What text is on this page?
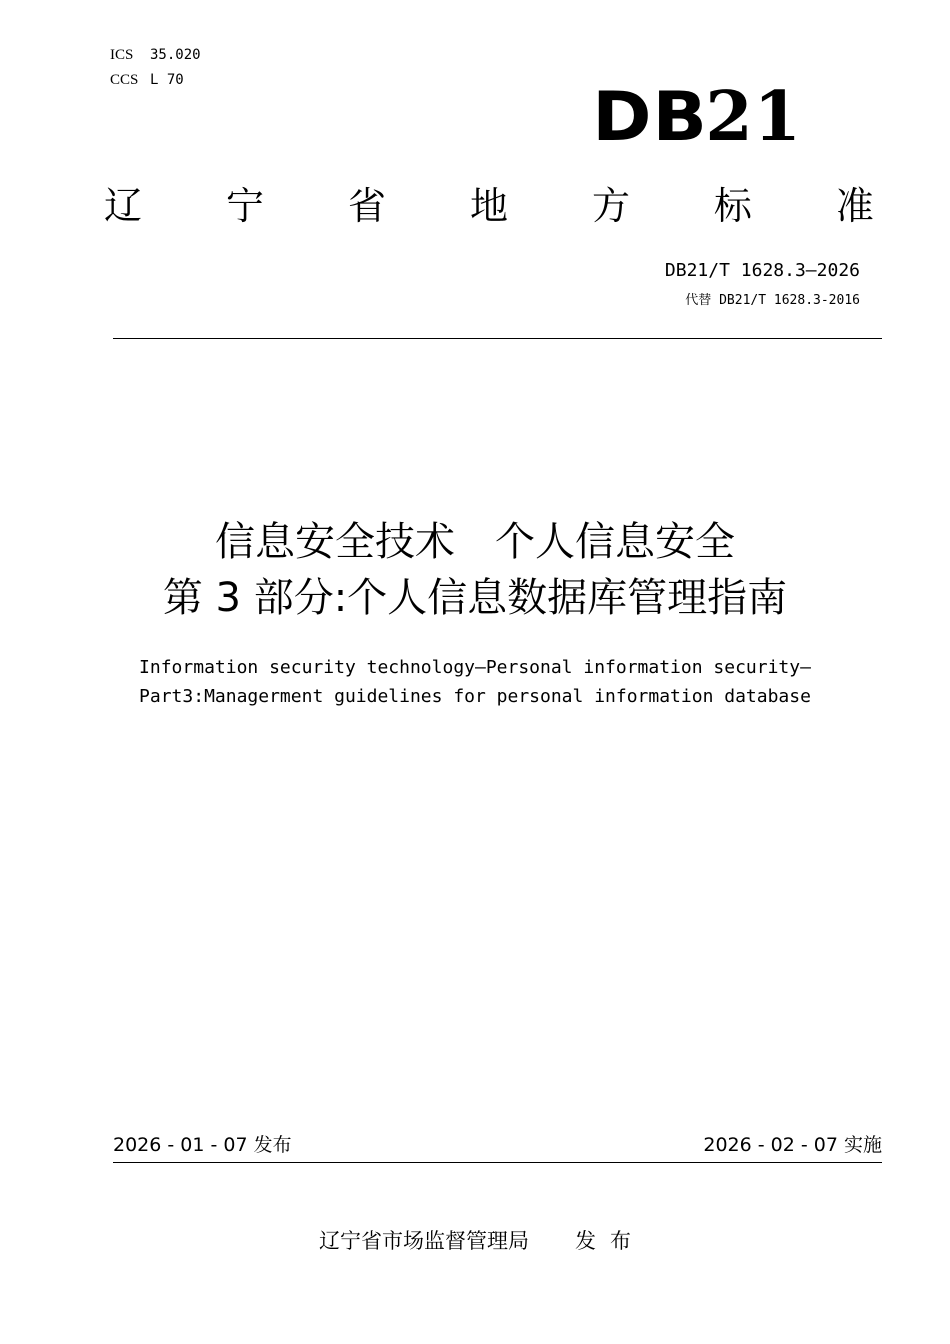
ICS 35.020
CCS L 70	DB21
辽 宁 省 地 方 标 准
DB21/T 1628.3—2026
代替 DB21/T 1628.3-2016
信息安全技术　个人信息安全
第 3 部分:个人信息数据库管理指南
Information security technology—Personal information security—
Part3:Managerment guidelines for personal information database
2026 - 01 - 07 发布	2026 - 02 - 07 实施
辽宁省市场监督管理局 发布
